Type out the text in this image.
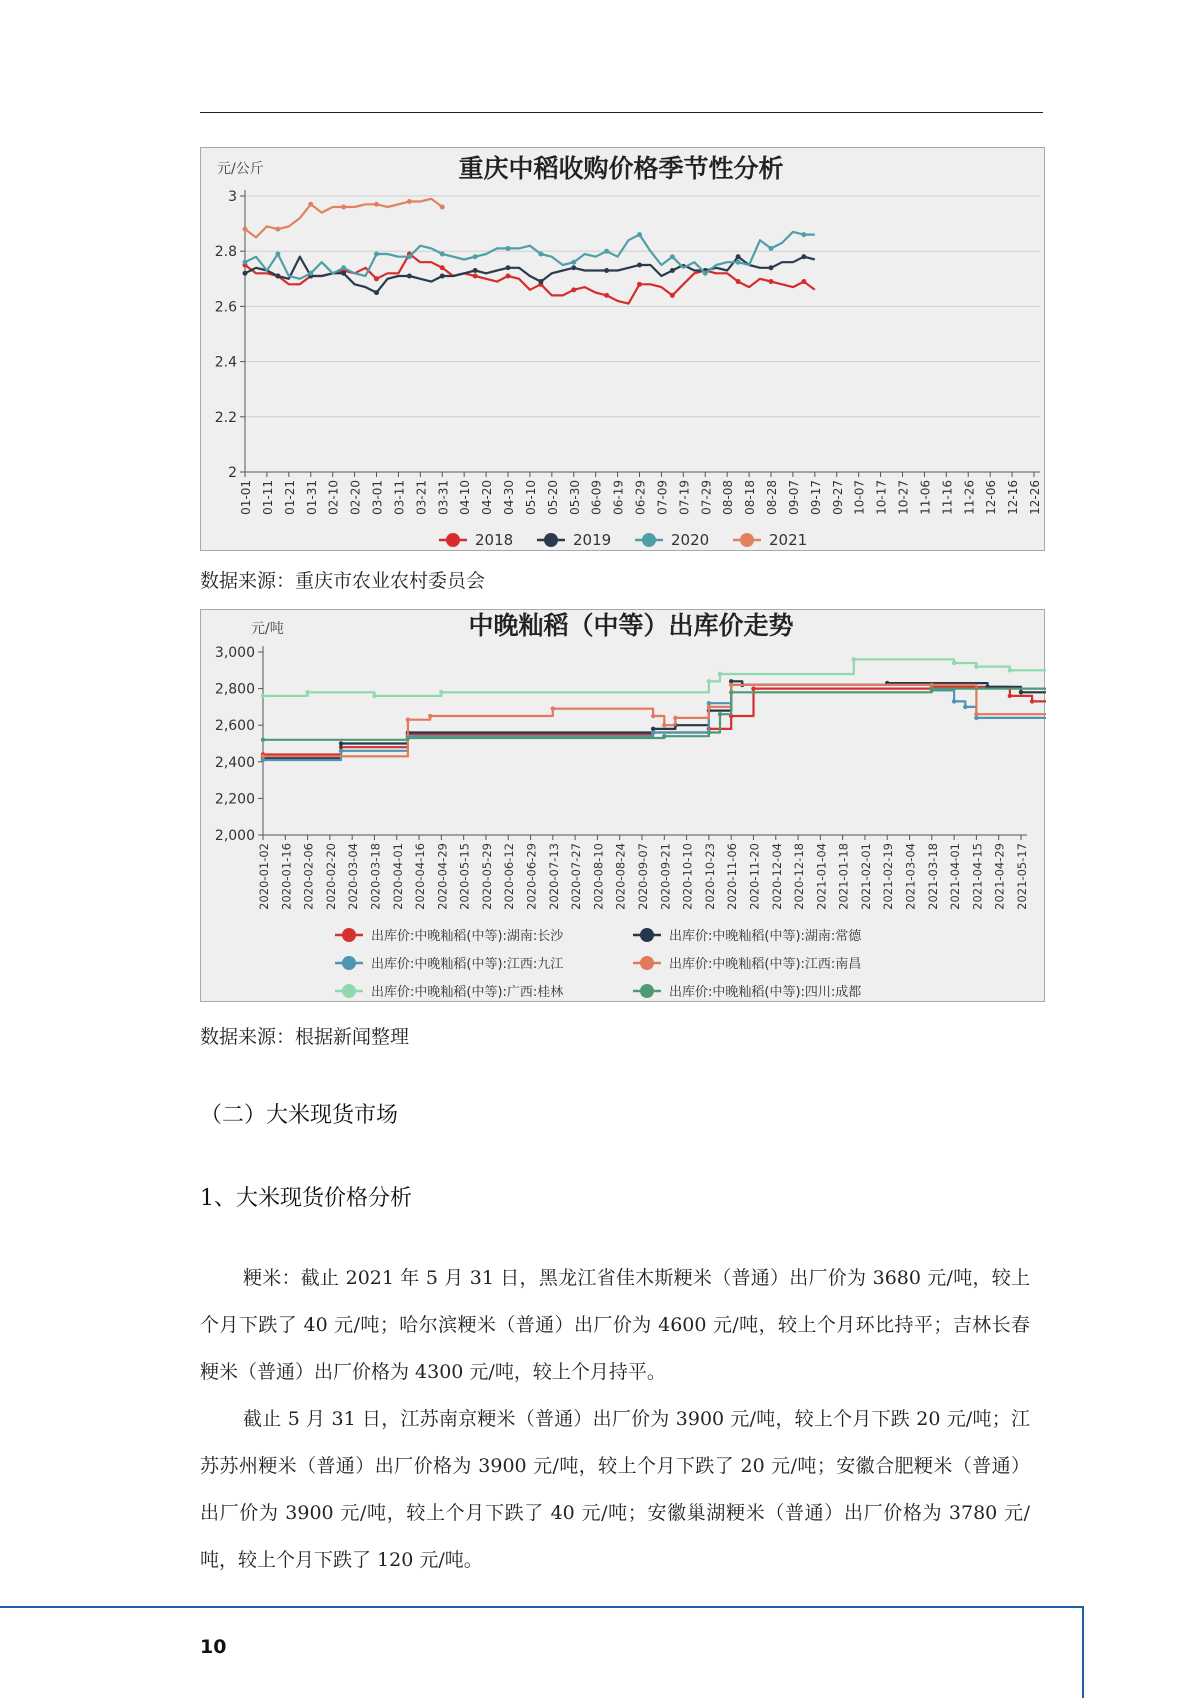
重庆中稻收购价格季节性分析
元/公斤
2
2.2
2.4
2.6
2.8
3
01-01 01-11 01-21 01-31 02-10 02-20 03-01 03-11 03-21 03-31 04-10 04-20 04-30 05-10 05-20 05-30 06-09 06-19 06-29 07-09 07-19 07-29 08-08 08-18 08-28 09-07 09-17 09-27 10-07 10-17 10-27 11-06 11-16 11-26 12-06 12-16 12-26
2018	2019	2020	2021
数据来源：重庆市农业农村委员会
中晚籼稻（中等）出库价走势
元/吨
2,000
2,200
2,400
2,600
2,800
3,000
2020-01-02 2020-01-16 2020-02-06 2020-02-20 2020-03-04 2020-03-18 2020-04-01 2020-04-16 2020-04-29 2020-05-15 2020-05-29 2020-06-12 2020-06-29 2020-07-13 2020-07-27 2020-08-10 2020-08-24 2020-09-07 2020-09-21 2020-10-10 2020-10-23 2020-11-06 2020-11-20 2020-12-04 2020-12-18 2021-01-04 2021-01-18 2021-02-01 2021-02-19 2021-03-04 2021-03-18 2021-04-01 2021-04-15 2021-04-29 2021-05-17
出库价:中晚籼稻(中等):湖南:长沙	出库价:中晚籼稻(中等):湖南:常德
出库价:中晚籼稻(中等):江西:九江	出库价:中晚籼稻(中等):江西:南昌
出库价:中晚籼稻(中等):广西:桂林	出库价:中晚籼稻(中等):四川:成都
数据来源：根据新闻整理
（二）大米现货市场
1、大米现货价格分析

粳米：截止 2021 年 5 月 31 日，黑龙江省佳木斯粳米（普通）出厂价为 3680 元/吨，较上个月下跌了 40 元/吨；哈尔滨粳米（普通）出厂价为 4600 元/吨，较上个月环比持平；吉林长春粳米（普通）出厂价格为 4300 元/吨，较上个月持平。

截止 5 月 31 日，江苏南京粳米（普通）出厂价为 3900 元/吨，较上个月下跌 20 元/吨；江苏苏州粳米（普通）出厂价格为 3900 元/吨，较上个月下跌了 20 元/吨；安徽合肥粳米（普通）出厂价为 3900 元/吨，较上个月下跌了 40 元/吨；安徽巢湖粳米（普通）出厂价格为 3780 元/吨，较上个月下跌了 120 元/吨。

10
